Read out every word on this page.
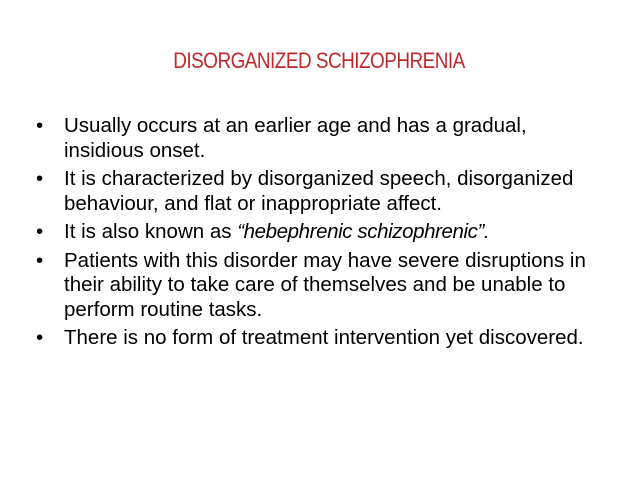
DISORGANIZED SCHIZOPHRENIA
•	Usually occurs at an earlier age and has a gradual, insidious onset.
•	It is characterized by disorganized speech, disorganized behaviour, and flat or inappropriate affect.
•	It is also known as “hebephrenic schizophrenic”.
•	Patients with this disorder may have severe disruptions in their ability to take care of themselves and be unable to perform routine tasks.
•	There is no form of treatment intervention yet discovered.
